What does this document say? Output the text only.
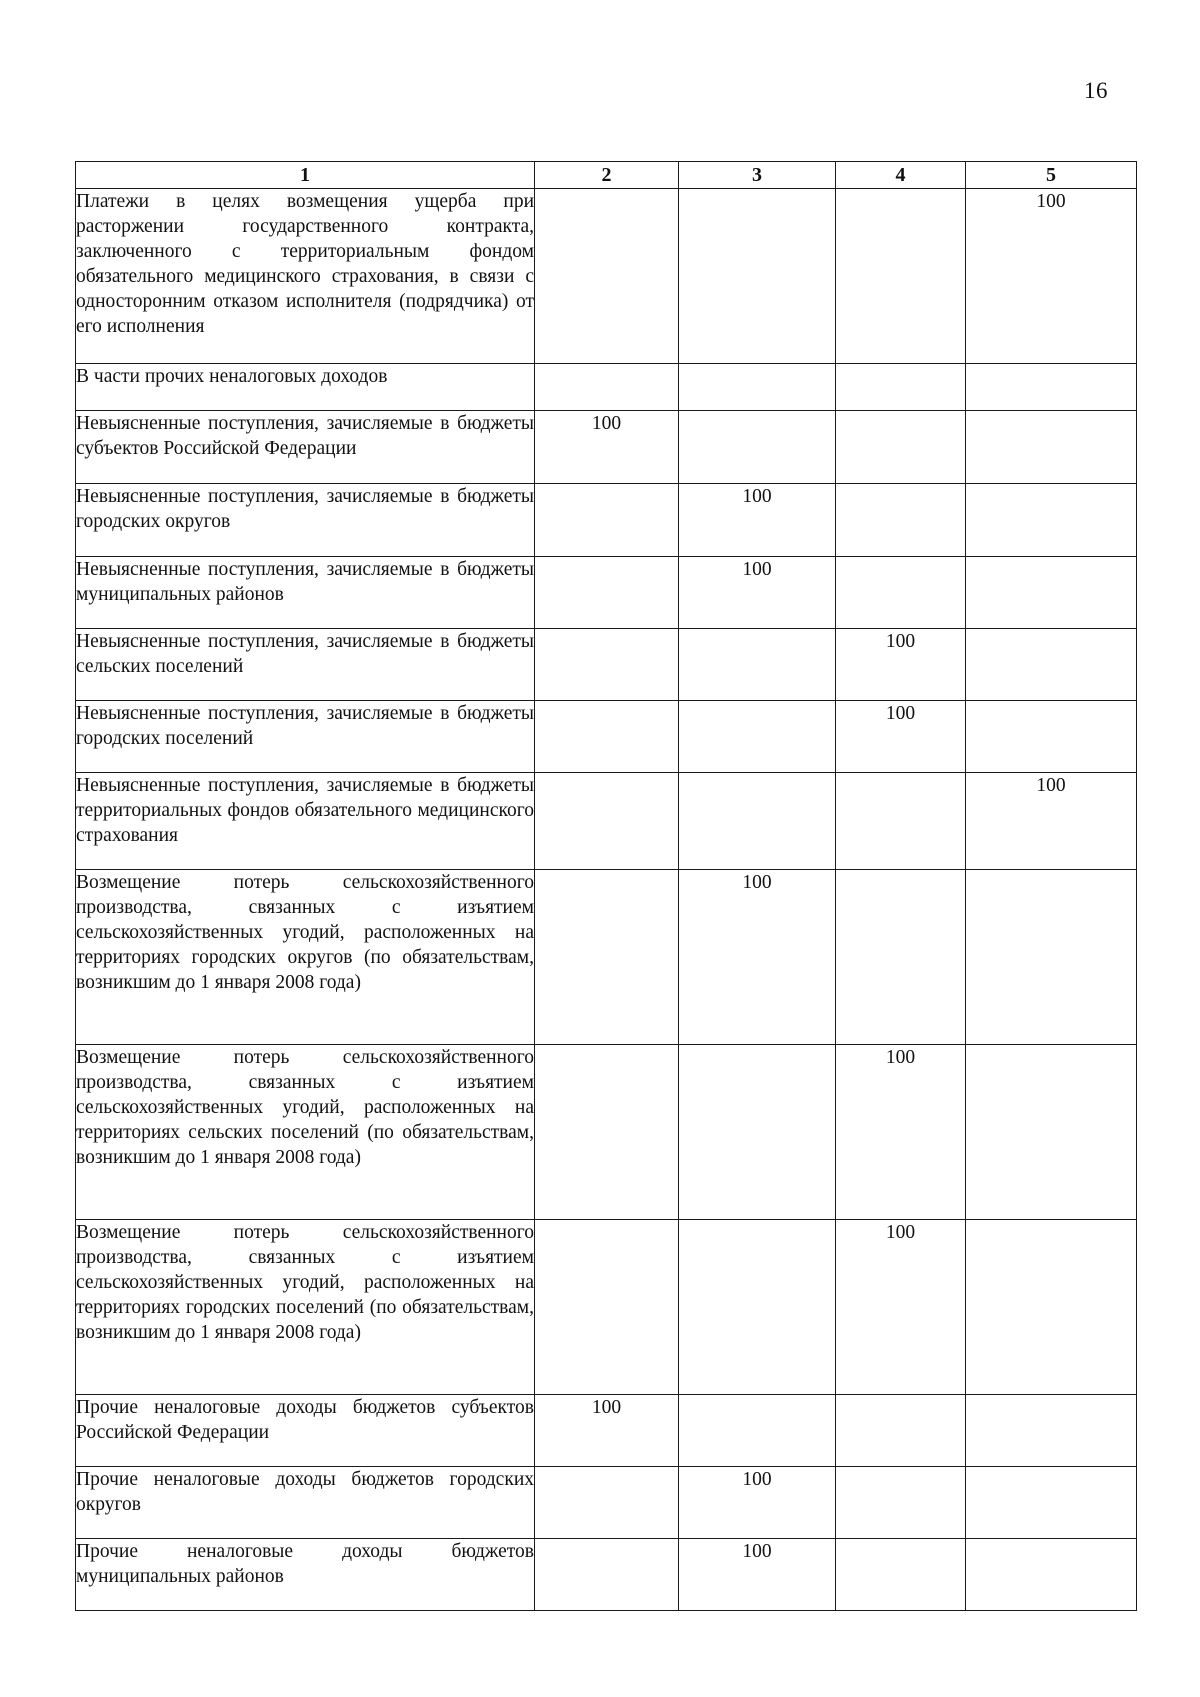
16
1	2	3	4	5
Платежи в целях возмещения ущерба при расторжении государственного контракта, заключенного с территориальным фондом обязательного медицинского страхования, в связи с односторонним отказом исполнителя (подрядчика) от его исполнения				100
В части прочих неналоговых доходов				
Невыясненные поступления, зачисляемые в бюджеты субъектов Российской Федерации	100			
Невыясненные поступления, зачисляемые в бюджеты городских округов		100		
Невыясненные поступления, зачисляемые в бюджеты муниципальных районов		100		
Невыясненные поступления, зачисляемые в бюджеты сельских поселений			100	
Невыясненные поступления, зачисляемые в бюджеты городских поселений			100	
Невыясненные поступления, зачисляемые в бюджеты территориальных фондов обязательного медицинского страхования				100
Возмещение потерь сельскохозяйственного производства, связанных с изъятием сельскохозяйственных угодий, расположенных на территориях городских округов (по обязательствам, возникшим до 1 января 2008 года)		100		
Возмещение потерь сельскохозяйственного производства, связанных с изъятием сельскохозяйственных угодий, расположенных на территориях сельских поселений (по обязательствам, возникшим до 1 января 2008 года)			100	
Возмещение потерь сельскохозяйственного производства, связанных с изъятием сельскохозяйственных угодий, расположенных на территориях городских поселений (по обязательствам, возникшим до 1 января 2008 года)			100	
Прочие неналоговые доходы бюджетов субъектов Российской Федерации	100			
Прочие неналоговые доходы бюджетов городских округов		100		
Прочие неналоговые доходы бюджетов муниципальных районов		100		
